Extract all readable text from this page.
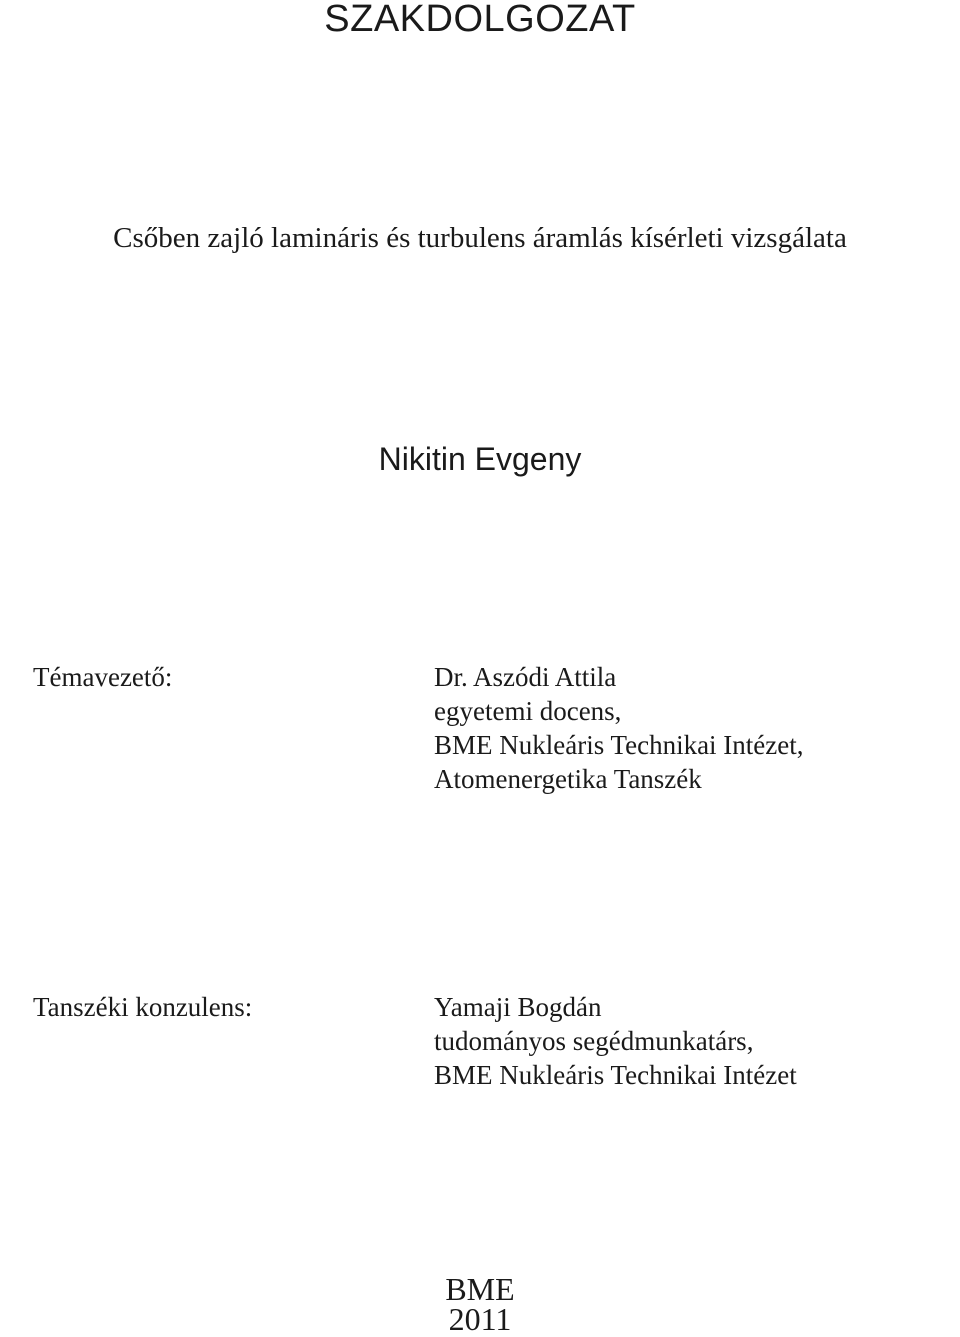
SZAKDOLGOZAT
Csőben zajló lamináris és turbulens áramlás kísérleti vizsgálata
Nikitin Evgeny
Témavezető:	Dr. Aszódi Attila
egyetemi docens,
BME Nukleáris Technikai Intézet,
Atomenergetika Tanszék
Tanszéki konzulens:	Yamaji Bogdán
tudományos segédmunkatárs,
BME Nukleáris Technikai Intézet
BME
2011
